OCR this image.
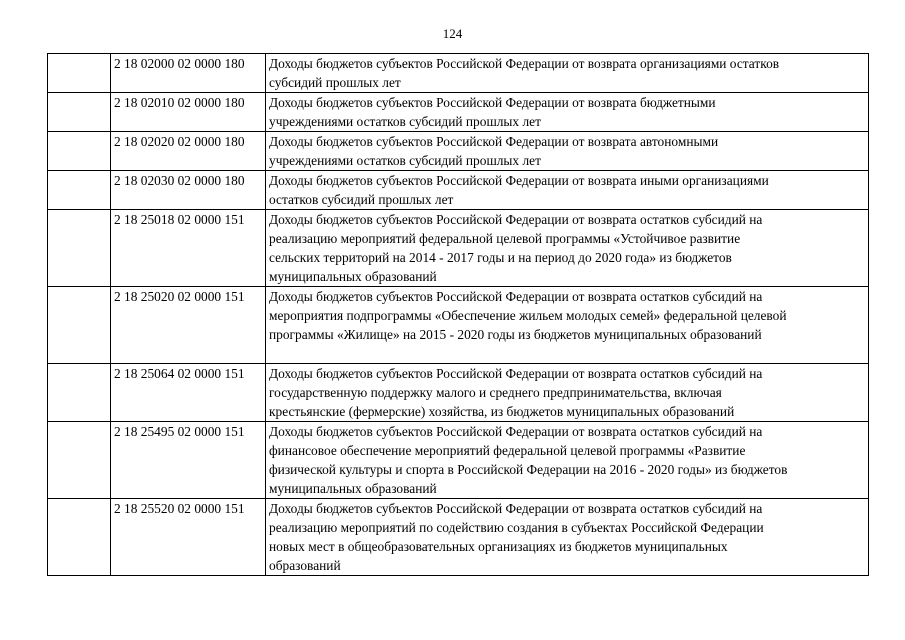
124
	2 18 02000 02 0000 180	Доходы бюджетов субъектов Российской Федерации от возврата организациями остатков
субсидий прошлых лет

	2 18 02010 02 0000 180	Доходы бюджетов субъектов Российской Федерации от возврата бюджетными
учреждениями остатков субсидий прошлых лет

	2 18 02020 02 0000 180	Доходы бюджетов субъектов Российской Федерации от возврата автономными
учреждениями остатков субсидий прошлых лет

	2 18 02030 02 0000 180	Доходы бюджетов субъектов Российской Федерации от возврата иными организациями
остатков субсидий прошлых лет

	2 18 25018 02 0000 151	Доходы бюджетов субъектов Российской Федерации от возврата остатков субсидий на
реализацию мероприятий федеральной целевой программы «Устойчивое развитие
сельских территорий на 2014 - 2017 годы и на период до 2020 года» из бюджетов
муниципальных образований

	2 18 25020 02 0000 151	Доходы бюджетов субъектов Российской Федерации от возврата остатков субсидий на
мероприятия подпрограммы «Обеспечение жильем молодых семей» федеральной целевой
программы «Жилище» на 2015 - 2020 годы из бюджетов муниципальных образований

	2 18 25064 02 0000 151	Доходы бюджетов субъектов Российской Федерации от возврата остатков субсидий на
государственную поддержку малого и среднего предпринимательства, включая
крестьянские (фермерские) хозяйства, из бюджетов муниципальных образований

	2 18 25495 02 0000 151	Доходы бюджетов субъектов Российской Федерации от возврата остатков субсидий на
финансовое обеспечение мероприятий федеральной целевой программы «Развитие
физической культуры и спорта в Российской Федерации на 2016 - 2020 годы» из бюджетов
муниципальных образований

	2 18 25520 02 0000 151	Доходы бюджетов субъектов Российской Федерации от возврата остатков субсидий на
реализацию мероприятий по содействию создания в субъектах Российской Федерации
новых мест в общеобразовательных организациях из бюджетов муниципальных
образований
